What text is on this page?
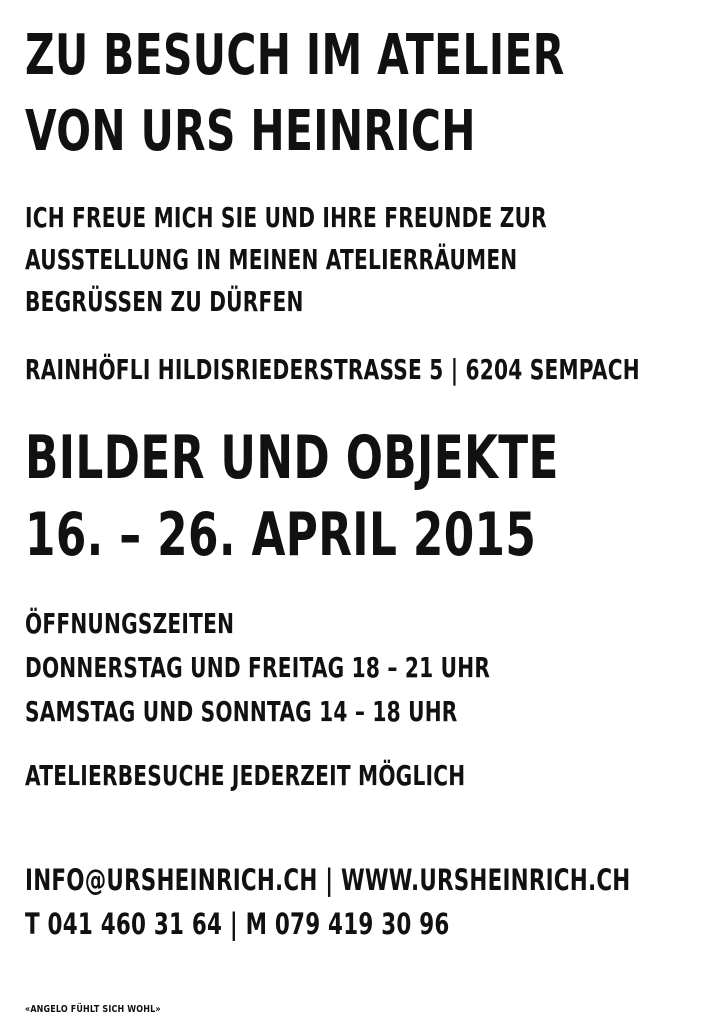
ZU BESUCH IM ATELIER
VON URS HEINRICH

ICH FREUE MICH SIE UND IHRE FREUNDE ZUR

AUSSTELLUNG IN MEINEN ATELIERRÄUMEN

BEGRÜSSEN ZU DÜRFEN

RAINHÖFLI HILDISRIEDERSTRASSE 5 | 6204 SEMPACH

BILDER UND OBJEKTE
16. – 26. APRIL 2015

ÖFFNUNGSZEITEN

DONNERSTAG UND FREITAG 18 – 21 UHR

SAMSTAG UND SONNTAG 14 – 18 UHR

ATELIERBESUCHE JEDERZEIT MÖGLICH

INFO@URSHEINRICH.CH | WWW.URSHEINRICH.CH

T 041 460 31 64 | M 079 419 30 96

«ANGELO FÜHLT SICH WOHL»
